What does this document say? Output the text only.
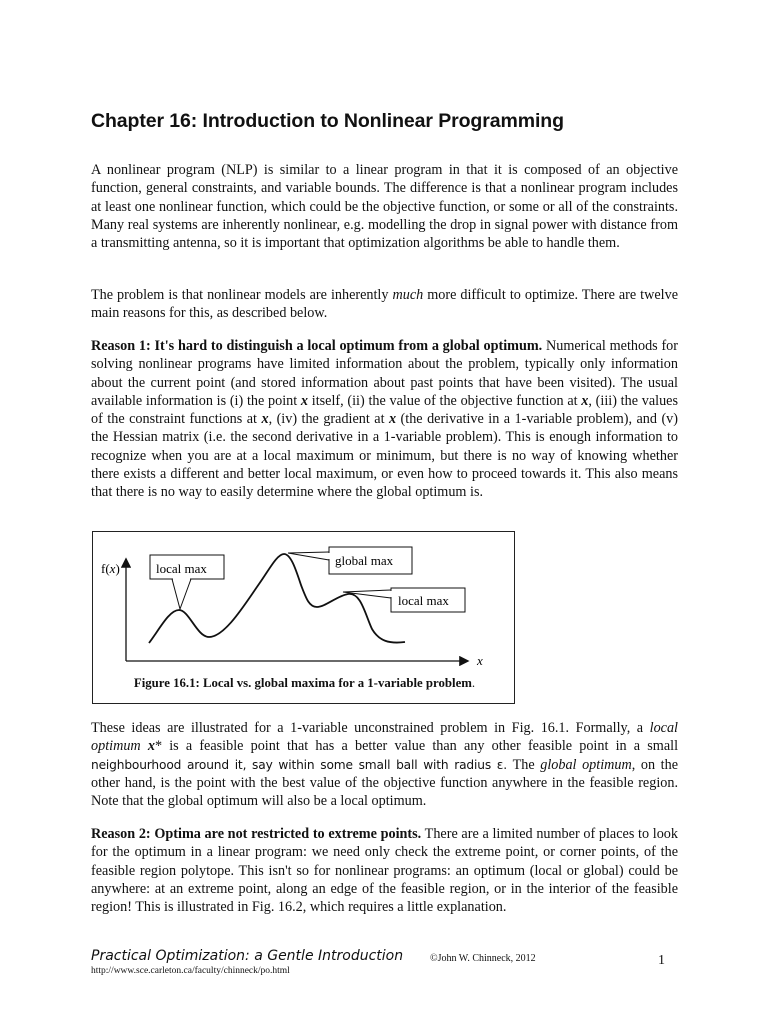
Chapter 16: Introduction to Nonlinear Programming

A nonlinear program (NLP) is similar to a linear program in that it is composed of an objective function, general constraints, and variable bounds. The difference is that a nonlinear program includes at least one nonlinear function, which could be the objective function, or some or all of the constraints. Many real systems are inherently nonlinear, e.g. modelling the drop in signal power with distance from a transmitting antenna, so it is important that optimization algorithms be able to handle them.

The problem is that nonlinear models are inherently much more difficult to optimize. There are twelve main reasons for this, as described below.

Reason 1: It's hard to distinguish a local optimum from a global optimum. Numerical methods for solving nonlinear programs have limited information about the problem, typically only information about the current point (and stored information about past points that have been visited). The usual available information is (i) the point x itself, (ii) the value of the objective function at x, (iii) the values of the constraint functions at x, (iv) the gradient at x (the derivative in a 1-variable problem), and (v) the Hessian matrix (i.e. the second derivative in a 1-variable problem). This is enough information to recognize when you are at a local maximum or minimum, but there is no way of knowing whether there exists a different and better local maximum, or even how to proceed towards it. This also means that there is no way to easily determine where the global optimum is.

f(x)
x
local max
global max
local max

Figure 16.1: Local vs. global maxima for a 1-variable problem.

These ideas are illustrated for a 1-variable unconstrained problem in Fig. 16.1. Formally, a local optimum x* is a feasible point that has a better value than any other feasible point in a small neighbourhood around it, say within some small ball with radius ε. The global optimum, on the other hand, is the point with the best value of the objective function anywhere in the feasible region. Note that the global optimum will also be a local optimum.

Reason 2: Optima are not restricted to extreme points. There are a limited number of places to look for the optimum in a linear program: we need only check the extreme point, or corner points, of the feasible region polytope. This isn't so for nonlinear programs: an optimum (local or global) could be anywhere: at an extreme point, along an edge of the feasible region, or in the interior of the feasible region! This is illustrated in Fig. 16.2, which requires a little explanation.

Practical Optimization: a Gentle Introduction	©John W. Chinneck, 2012

http://www.sce.carleton.ca/faculty/chinneck/po.html

1
